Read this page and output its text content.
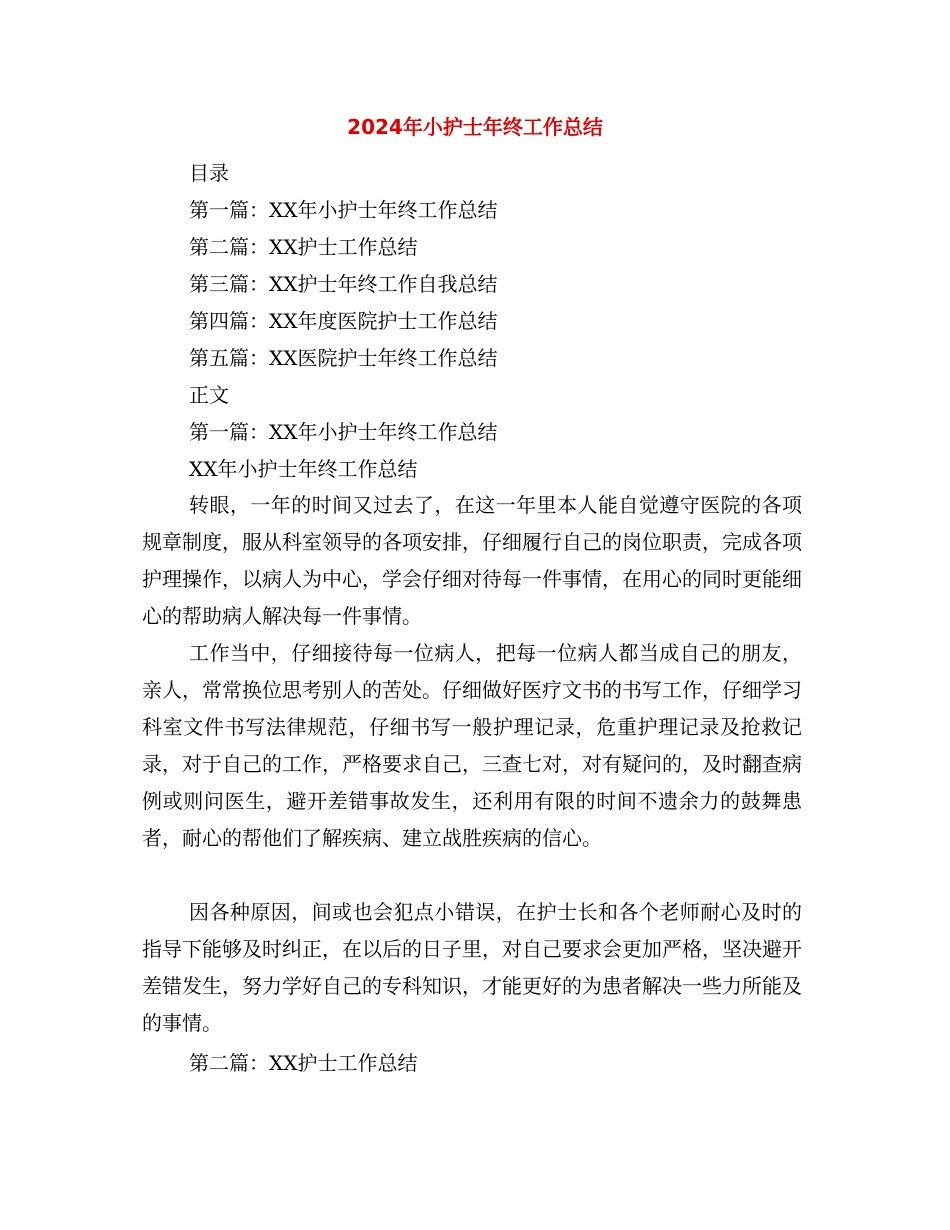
2024年小护士年终工作总结
目录
第一篇：XX年小护士年终工作总结
第二篇：XX护士工作总结
第三篇：XX护士年终工作自我总结
第四篇：XX年度医院护士工作总结
第五篇：XX医院护士年终工作总结
正文
第一篇：XX年小护士年终工作总结
XX年小护士年终工作总结

转眼，一年的时间又过去了，在这一年里本人能自觉遵守医院的各项规章制度，服从科室领导的各项安排，仔细履行自己的岗位职责，完成各项护理操作，以病人为中心，学会仔细对待每一件事情，在用心的同时更能细心的帮助病人解决每一件事情。

工作当中，仔细接待每一位病人，把每一位病人都当成自己的朋友，亲人，常常换位思考别人的苦处。仔细做好医疗文书的书写工作，仔细学习科室文件书写法律规范，仔细书写一般护理记录，危重护理记录及抢救记录，对于自己的工作，严格要求自己，三查七对，对有疑问的，及时翻查病例或则问医生，避开差错事故发生，还利用有限的时间不遗余力的鼓舞患者，耐心的帮他们了解疾病、建立战胜疾病的信心。

因各种原因，间或也会犯点小错误，在护士长和各个老师耐心及时的指导下能够及时纠正，在以后的日子里，对自己要求会更加严格，坚决避开差错发生，努力学好自己的专科知识，才能更好的为患者解决一些力所能及的事情。

第二篇：XX护士工作总结
